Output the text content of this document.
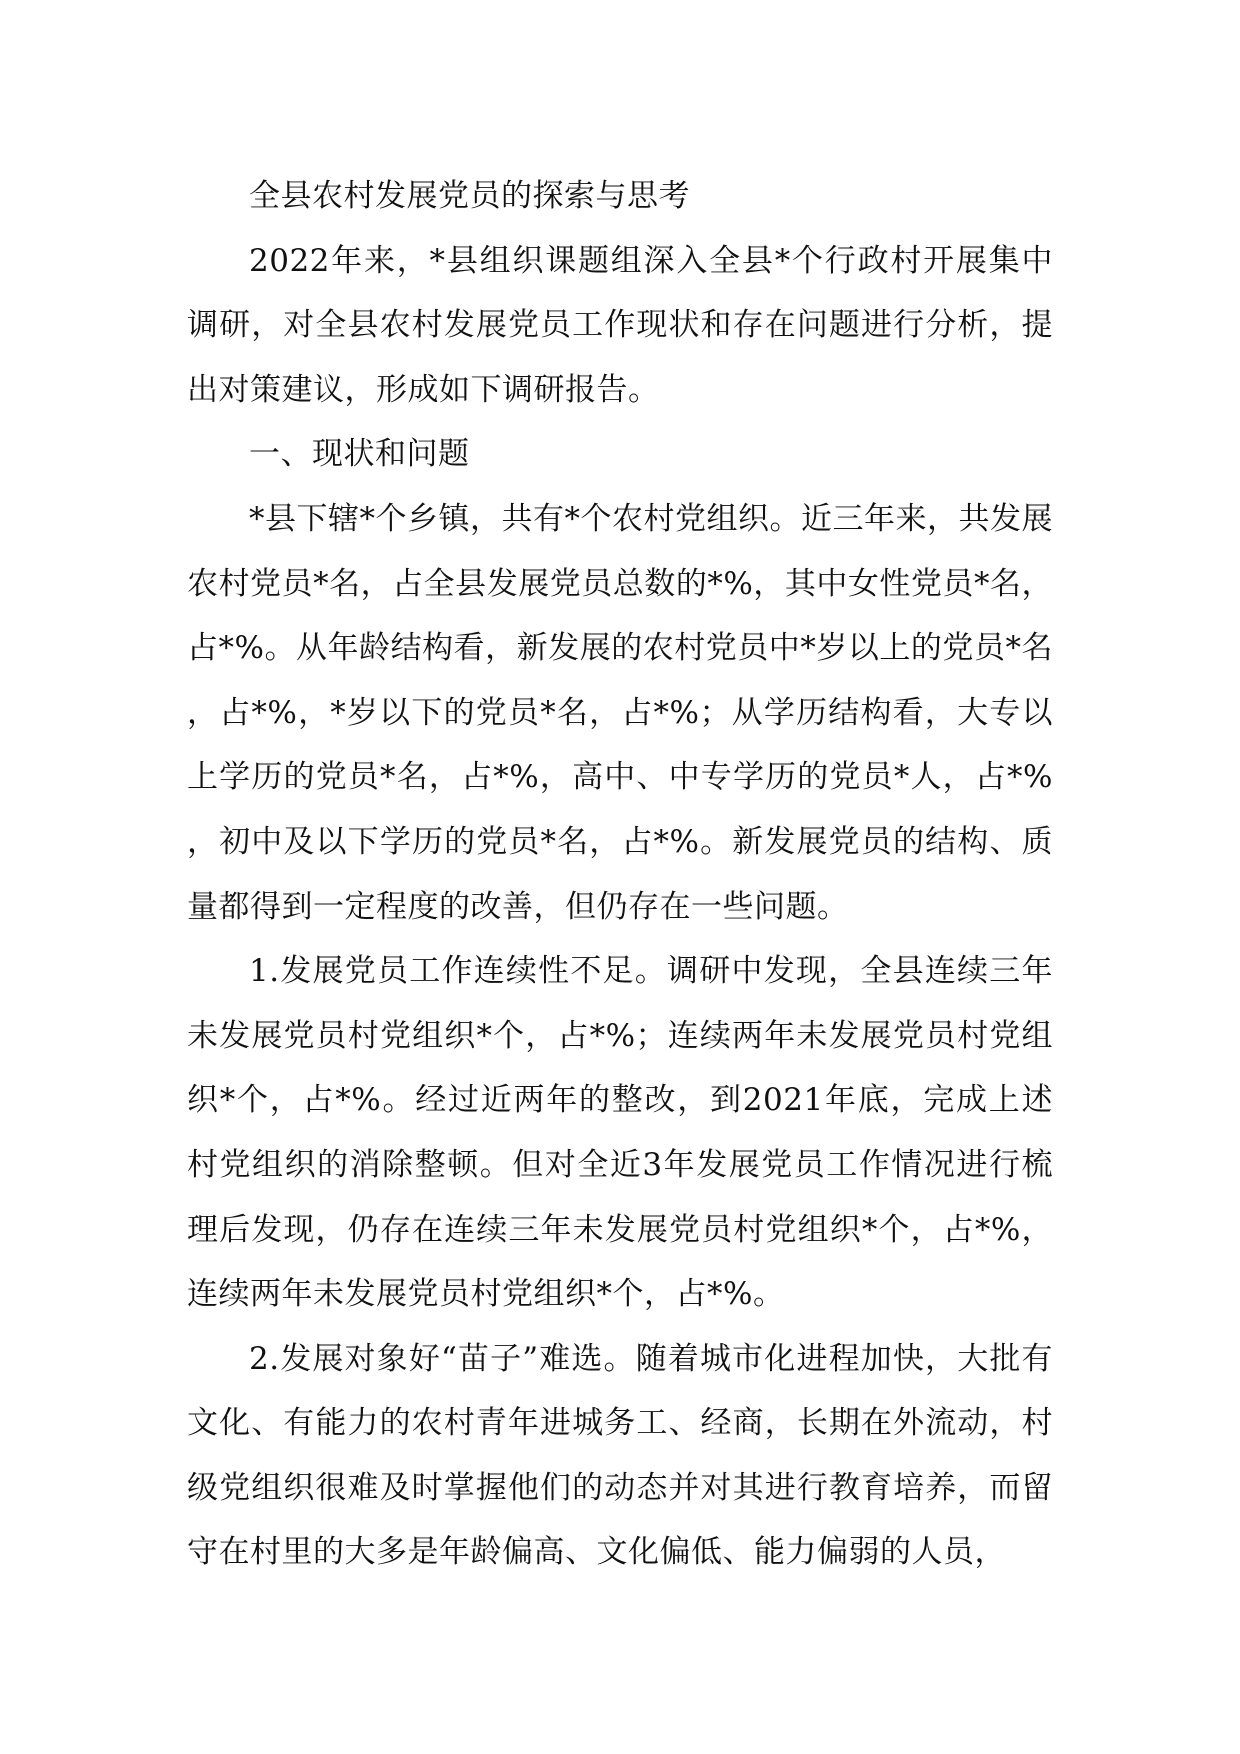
全县农村发展党员的探索与思考

2022年来，*县组织课题组深入全县*个行政村开展集中调研，对全县农村发展党员工作现状和存在问题进行分析，提出对策建议，形成如下调研报告。

一、现状和问题

*县下辖*个乡镇，共有*个农村党组织。近三年来，共发展农村党员*名，占全县发展党员总数的*%，其中女性党员*名，占*%。从年龄结构看，新发展的农村党员中*岁以上的党员*名，占*%，*岁以下的党员*名，占*%；从学历结构看，大专以上学历的党员*名，占*%，高中、中专学历的党员*人，占*%，初中及以下学历的党员*名，占*%。新发展党员的结构、质量都得到一定程度的改善，但仍存在一些问题。

1.发展党员工作连续性不足。调研中发现，全县连续三年未发展党员村党组织*个，占*%；连续两年未发展党员村党组织*个，占*%。经过近两年的整改，到2021年底，完成上述村党组织的消除整顿。但对全近3年发展党员工作情况进行梳理后发现，仍存在连续三年未发展党员村党组织*个，占*%，连续两年未发展党员村党组织*个，占*%。

2.发展对象好“苗子”难选。随着城市化进程加快，大批有文化、有能力的农村青年进城务工、经商，长期在外流动，村级党组织很难及时掌握他们的动态并对其进行教育培养，而留守在村里的大多是年龄偏高、文化偏低、能力偏弱的人员，
